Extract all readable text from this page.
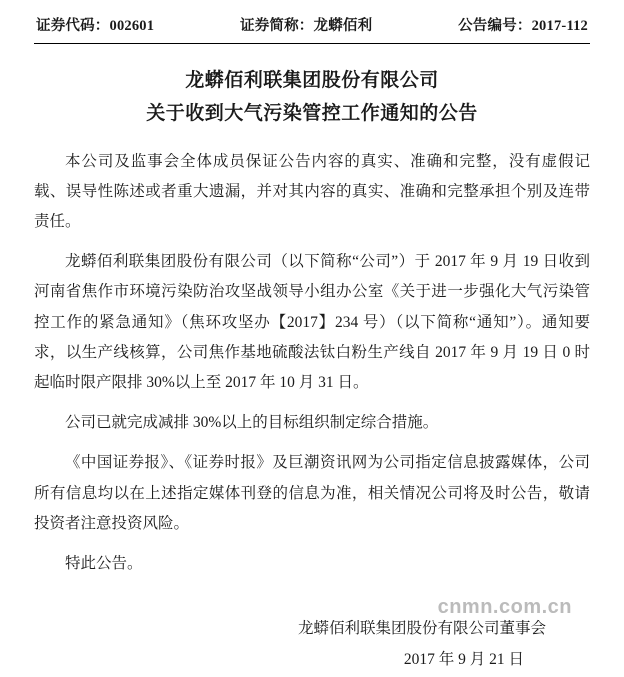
证券代码：002601	证券简称：龙蟒佰利	公告编号：2017-112
龙蟒佰利联集团股份有限公司
关于收到大气污染管控工作通知的公告

本公司及监事会全体成员保证公告内容的真实、准确和完整，没有虚假记载、误导性陈述或者重大遗漏，并对其内容的真实、准确和完整承担个别及连带责任。

龙蟒佰利联集团股份有限公司（以下简称“公司”）于 2017 年 9 月 19 日收到河南省焦作市环境污染防治攻坚战领导小组办公室《关于进一步强化大气污染管控工作的紧急通知》（焦环攻坚办【2017】234 号）（以下简称“通知”）。通知要求，以生产线核算，公司焦作基地硫酸法钛白粉生产线自 2017 年 9 月 19 日 0 时起临时限产限排 30%以上至 2017 年 10 月 31 日。

公司已就完成减排 30%以上的目标组织制定综合措施。

《中国证券报》、《证券时报》及巨潮资讯网为公司指定信息披露媒体，公司所有信息均以在上述指定媒体刊登的信息为准，相关情况公司将及时公告，敬请投资者注意投资风险。

特此公告。

龙蟒佰利联集团股份有限公司董事会
2017 年 9 月 21 日
cnmn.com.cn
